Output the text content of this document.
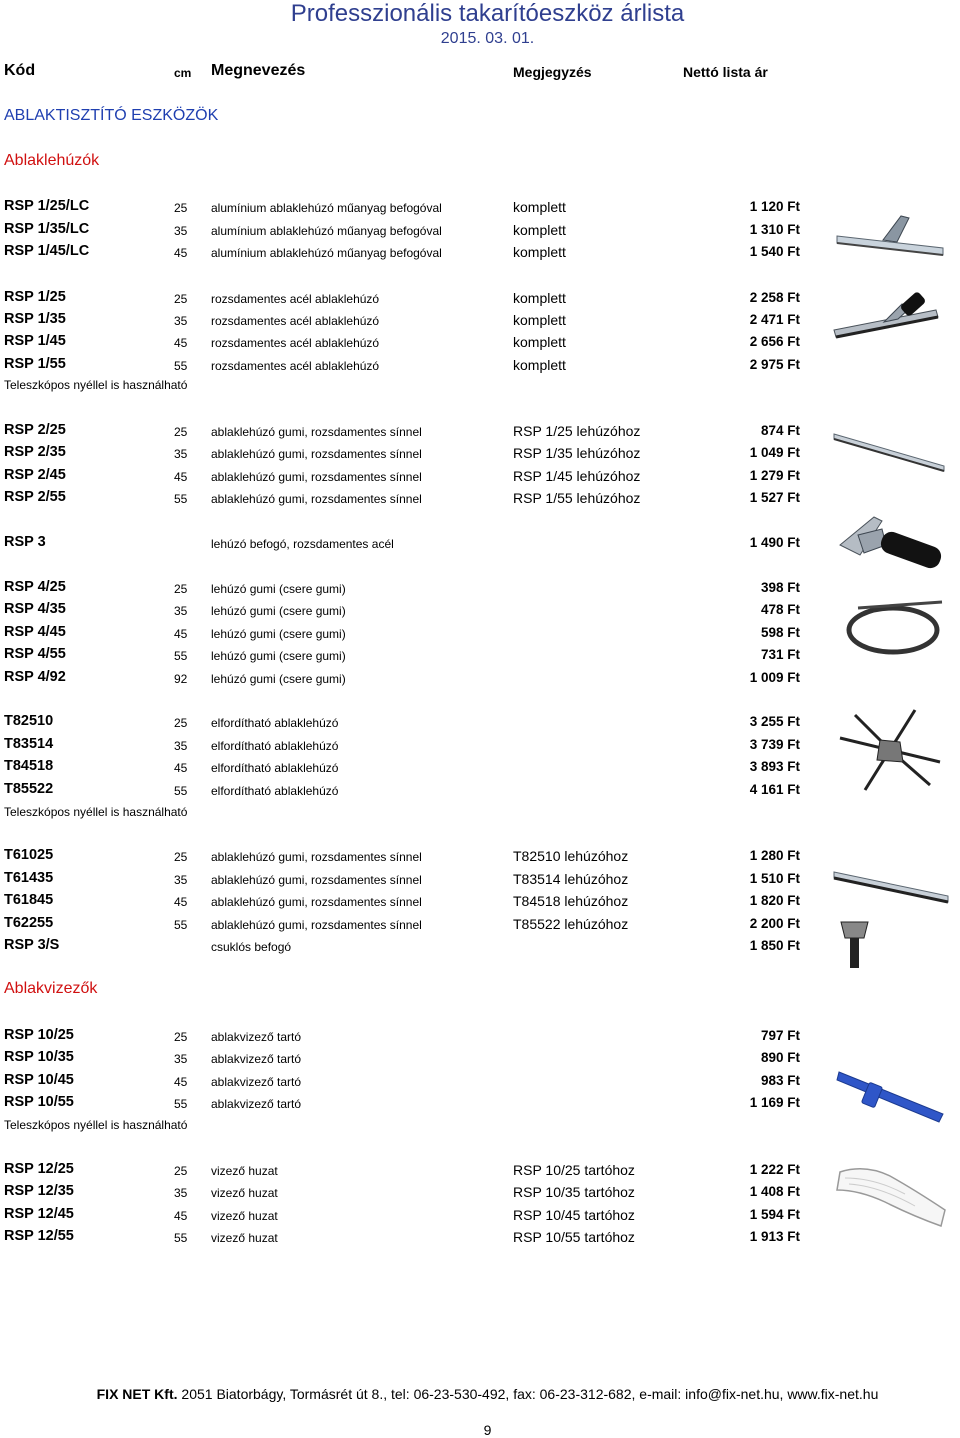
Professzionális takarítóeszköz árlista
2015. 03. 01.
Kód	cm Megnevezés	Megjegyzés	Nettó lista ár
ABLAKTISZTÍTÓ ESZKÖZÖK
Ablaklehúzók
Ablakvizezők
Teleszkópos nyéllel is használható
Teleszkópos nyéllel is használható
Teleszkópos nyéllel is használható
RSP 1/25/LC	25 alumínium ablaklehúzó műanyag befogóval	komplett	1 120 Ft
RSP 1/35/LC	35 alumínium ablaklehúzó műanyag befogóval	komplett	1 310 Ft
RSP 1/45/LC	45 alumínium ablaklehúzó műanyag befogóval	komplett	1 540 Ft
RSP 1/25	25 rozsdamentes acél ablaklehúzó	komplett	2 258 Ft
RSP 1/35	35 rozsdamentes acél ablaklehúzó	komplett	2 471 Ft
RSP 1/45	45 rozsdamentes acél ablaklehúzó	komplett	2 656 Ft
RSP 1/55	55 rozsdamentes acél ablaklehúzó	komplett	2 975 Ft
RSP 2/25	25 ablaklehúzó gumi, rozsdamentes sínnel	RSP 1/25 lehúzóhoz	874 Ft
RSP 2/35	35 ablaklehúzó gumi, rozsdamentes sínnel	RSP 1/35 lehúzóhoz	1 049 Ft
RSP 2/45	45 ablaklehúzó gumi, rozsdamentes sínnel	RSP 1/45 lehúzóhoz	1 279 Ft
RSP 2/55	55 ablaklehúzó gumi, rozsdamentes sínnel	RSP 1/55 lehúzóhoz	1 527 Ft
RSP 3	lehúzó befogó, rozsdamentes acél	1 490 Ft
RSP 4/25	25 lehúzó gumi (csere gumi)	398 Ft
RSP 4/35	35 lehúzó gumi (csere gumi)	478 Ft
RSP 4/45	45 lehúzó gumi (csere gumi)	598 Ft
RSP 4/55	55 lehúzó gumi (csere gumi)	731 Ft
RSP 4/92	92 lehúzó gumi (csere gumi)	1 009 Ft
T82510	25 elfordítható ablaklehúzó	3 255 Ft
T83514	35 elfordítható ablaklehúzó	3 739 Ft
T84518	45 elfordítható ablaklehúzó	3 893 Ft
T85522	55 elfordítható ablaklehúzó	4 161 Ft
T61025	25 ablaklehúzó gumi, rozsdamentes sínnel	T82510 lehúzóhoz	1 280 Ft
T61435	35 ablaklehúzó gumi, rozsdamentes sínnel	T83514 lehúzóhoz	1 510 Ft
T61845	45 ablaklehúzó gumi, rozsdamentes sínnel	T84518 lehúzóhoz	1 820 Ft
T62255	55 ablaklehúzó gumi, rozsdamentes sínnel	T85522 lehúzóhoz	2 200 Ft
RSP 3/S	csuklós befogó	1 850 Ft
RSP 10/25	25 ablakvizező tartó	797 Ft
RSP 10/35	35 ablakvizező tartó	890 Ft
RSP 10/45	45 ablakvizező tartó	983 Ft
RSP 10/55	55 ablakvizező tartó	1 169 Ft
RSP 12/25	25 vizező huzat	RSP 10/25 tartóhoz	1 222 Ft
RSP 12/35	35 vizező huzat	RSP 10/35 tartóhoz	1 408 Ft
RSP 12/45	45 vizező huzat	RSP 10/45 tartóhoz	1 594 Ft
RSP 12/55	55 vizező huzat	RSP 10/55 tartóhoz	1 913 Ft
FIX NET Kft. 2051 Biatorbágy, Tormásrét út 8., tel: 06-23-530-492, fax: 06-23-312-682, e-mail: info@fix-net.hu, www.fix-net.hu
9
